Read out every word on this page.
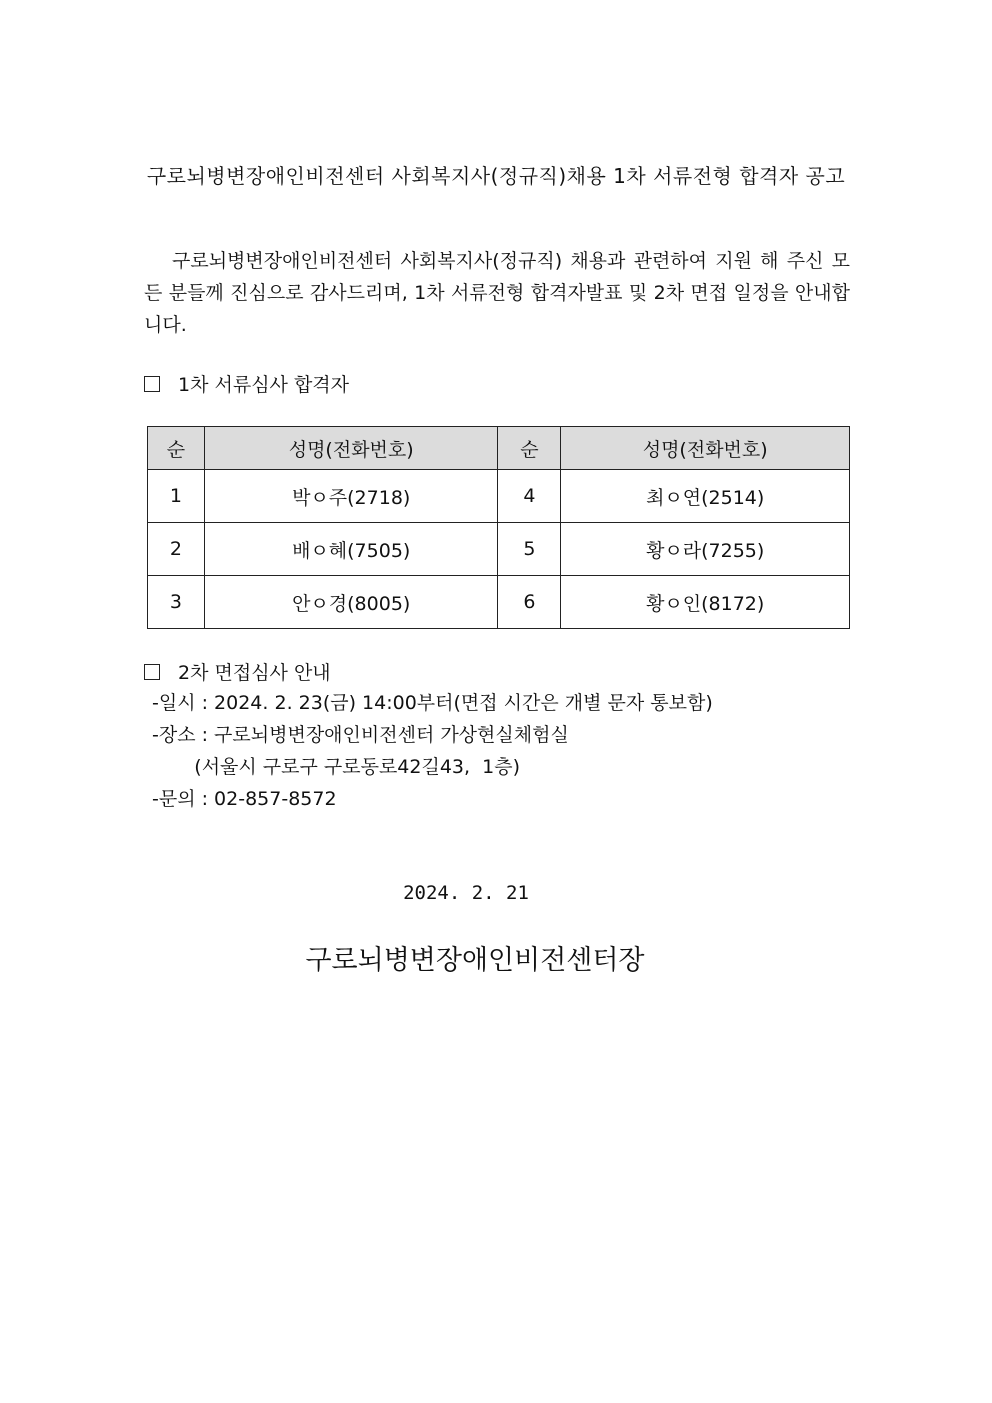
구로뇌병변장애인비전센터 사회복지사(정규직)채용 1차 서류전형 합격자 공고
구로뇌병변장애인비전센터 사회복지사(정규직) 채용과 관련하여 지원 해 주신 모든 분들께 진심으로 감사드리며, 1차 서류전형 합격자발표 및 2차 면접 일정을 안내합니다.
1차 서류심사 합격자
순	성명(전화번호)	순	성명(전화번호)
1	박ㅇ주(2718)	4	최ㅇ연(2514)
2	배ㅇ혜(7505)	5	황ㅇ라(7255)
3	안ㅇ경(8005)	6	황ㅇ인(8172)
2차 면접심사 안내
-일시 : 2024. 2. 23(금) 14:00부터(면접 시간은 개별 문자 통보함)
-장소 : 구로뇌병변장애인비전센터 가상현실체험실
(서울시 구로구 구로동로42길43,  1층)
-문의 : 02-857-8572
2024. 2. 21
구로뇌병변장애인비전센터장
